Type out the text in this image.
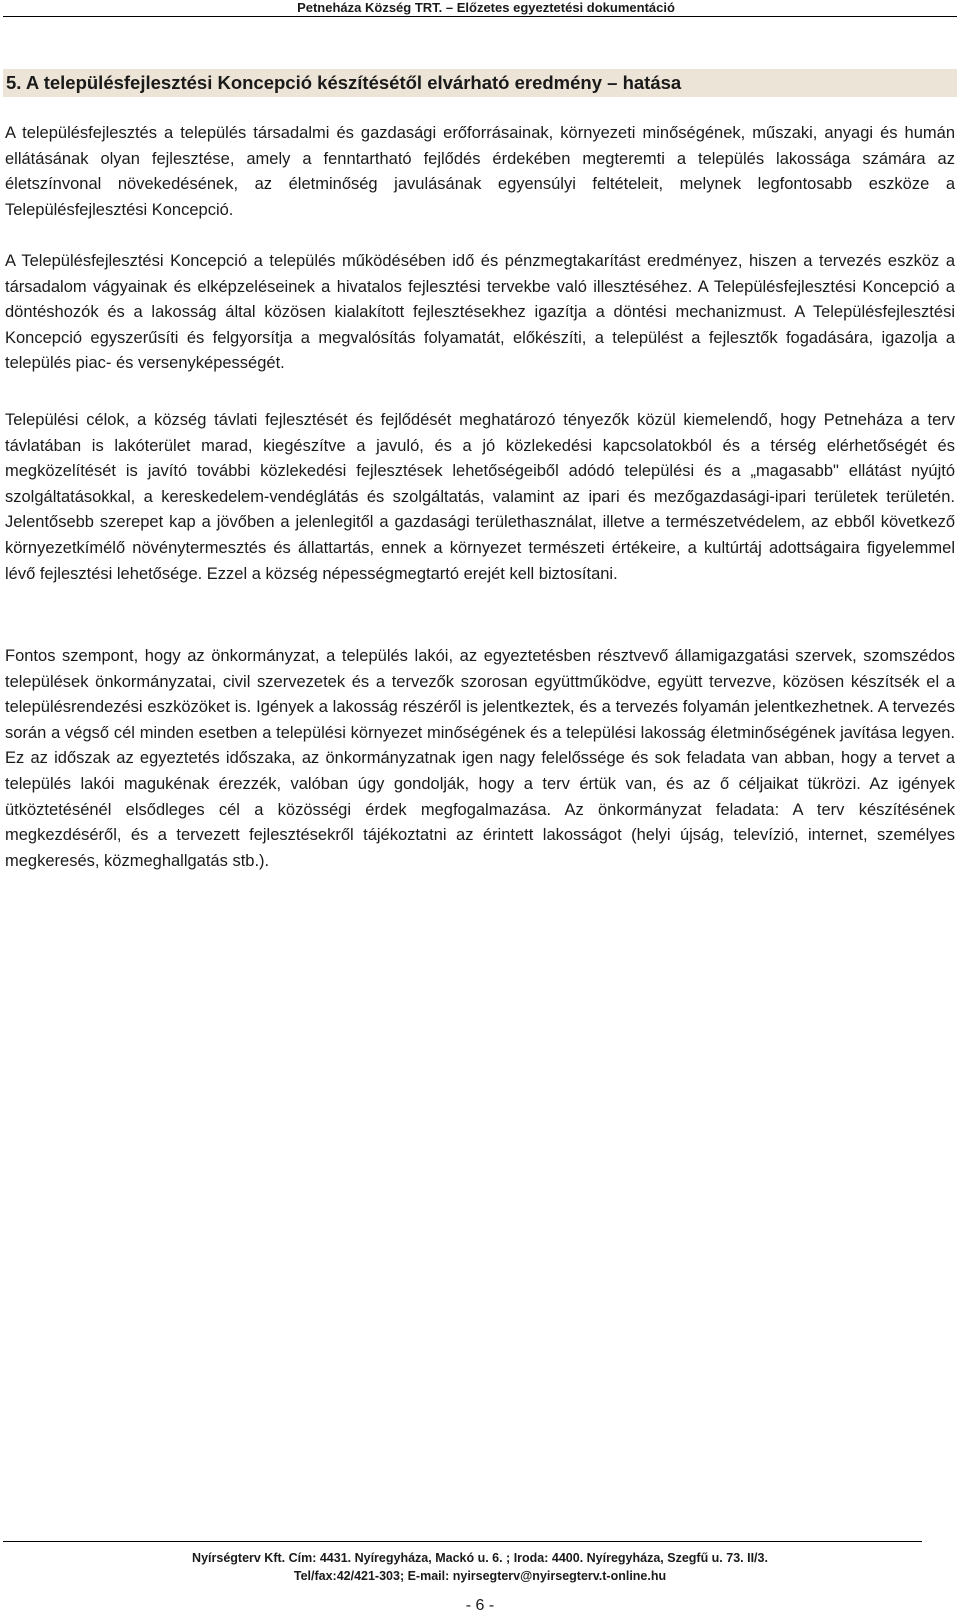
Petneháza Község TRT. – Előzetes egyeztetési dokumentáció
5. A településfejlesztési Koncepció készítésétől elvárható eredmény – hatása

A településfejlesztés a település társadalmi és gazdasági erőforrásainak, környezeti minőségének, műszaki, anyagi és humán ellátásának olyan fejlesztése, amely a fenntartható fejlődés érdekében megteremti a település lakossága számára az életszínvonal növekedésének, az életminőség javulásának egyensúlyi feltételeit, melynek legfontosabb eszköze a Településfejlesztési Koncepció.

A Településfejlesztési Koncepció a település működésében idő és pénzmegtakarítást eredményez, hiszen a tervezés eszköz a társadalom vágyainak és elképzeléseinek a hivatalos fejlesztési tervekbe való illesztéséhez. A Településfejlesztési Koncepció a döntéshozók és a lakosság által közösen kialakított fejlesztésekhez igazítja a döntési mechanizmust. A Településfejlesztési Koncepció egyszerűsíti és felgyorsítja a megvalósítás folyamatát, előkészíti, a települést a fejlesztők fogadására, igazolja a település piac- és versenyképességét.

Települési célok, a község távlati fejlesztését és fejlődését meghatározó tényezők közül kiemelendő, hogy Petneháza a terv távlatában is lakóterület marad, kiegészítve a javuló, és a jó közlekedési kapcsolatokból és a térség elérhetőségét és megközelítését is javító további közlekedési fejlesztések lehetőségeiből adódó települési és a „magasabb" ellátást nyújtó szolgáltatásokkal, a kereskedelem-vendéglátás és szolgáltatás, valamint az ipari és mezőgazdasági-ipari területek területén. Jelentősebb szerepet kap a jövőben a jelenlegitől a gazdasági területhasználat, illetve a természetvédelem, az ebből következő környezetkímélő növénytermesztés és állattartás, ennek a környezet természeti értékeire, a kultúrtáj adottságaira figyelemmel lévő fejlesztési lehetősége. Ezzel a község népességmegtartó erejét kell biztosítani.

Fontos szempont, hogy az önkormányzat, a település lakói, az egyeztetésben résztvevő államigazgatási szervek, szomszédos települések önkormányzatai, civil szervezetek és a tervezők szorosan együttműködve, együtt tervezve, közösen készítsék el a településrendezési eszközöket is. Igények a lakosság részéről is jelentkeztek, és a tervezés folyamán jelentkezhetnek. A tervezés során a végső cél minden esetben a települési környezet minőségének és a települési lakosság életminőségének javítása legyen. Ez az időszak az egyeztetés időszaka, az önkormányzatnak igen nagy felelőssége és sok feladata van abban, hogy a tervet a település lakói magukénak érezzék, valóban úgy gondolják, hogy a terv értük van, és az ő céljaikat tükrözi. Az igények ütköztetésénél elsődleges cél a közösségi érdek megfogalmazása. Az önkormányzat feladata: A terv készítésének megkezdéséről, és a tervezett fejlesztésekről tájékoztatni az érintett lakosságot (helyi újság, televízió, internet, személyes megkeresés, közmeghallgatás stb.).

Nyírségterv Kft. Cím: 4431. Nyíregyháza, Mackó u. 6. ; Iroda: 4400. Nyíregyháza, Szegfű u. 73. II/3.
Tel/fax:42/421-303; E-mail: nyirsegterv@nyirsegterv.t-online.hu
- 6 -
